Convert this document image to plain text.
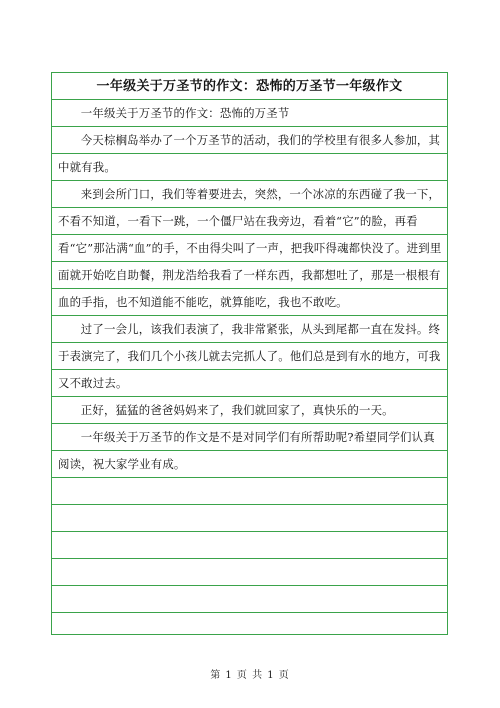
一年级关于万圣节的作文：恐怖的万圣节一年级作文

一年级关于万圣节的作文：恐怖的万圣节

今天棕榈岛举办了一个万圣节的活动，我们的学校里有很多人参加，其中就有我。

来到会所门口，我们等着要进去，突然，一个冰凉的东西碰了我一下，不看不知道，一看下一跳，一个僵尸站在我旁边，看着“它”的脸，再看看“它”那沾满“血”的手，不由得尖叫了一声，把我吓得魂都快没了。进到里面就开始吃自助餐，荆龙浩给我看了一样东西，我都想吐了，那是一根根有血的手指，也不知道能不能吃，就算能吃，我也不敢吃。

过了一会儿，该我们表演了，我非常紧张，从头到尾都一直在发抖。终于表演完了，我们几个小孩儿就去完抓人了。他们总是到有水的地方，可我又不敢过去。

正好，猛猛的爸爸妈妈来了，我们就回家了，真快乐的一天。

一年级关于万圣节的作文是不是对同学们有所帮助呢?希望同学们认真阅读，祝大家学业有成。

第 1 页 共 1 页
